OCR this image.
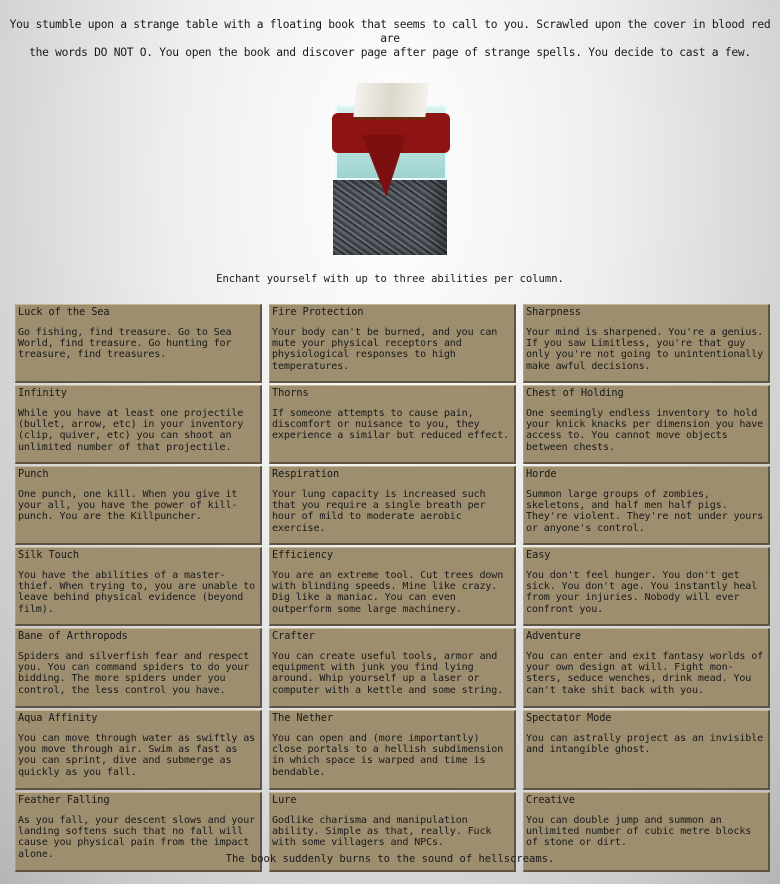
You stumble upon a strange table with a floating book that seems to call to you. Scrawled upon the cover in blood red are
the words DO NOT O. You open the book and discover page after page of strange spells. You decide to cast a few.
Enchant yourself with up to three abilities per column.
Luck of the Sea
Go fishing, find treasure. Go to Sea World, find treasure. Go hunting for treasure, find treasures.
Infinity
While you have at least one projectile (bullet, arrow, etc) in your inventory (clip, quiver, etc) you can shoot an unlimited number of that projectile.
Punch
One punch, one kill. When you give it your all, you have the power of kill-punch. You are the Killpuncher.
Silk Touch
You have the abilities of a master-thief. When trying to, you are unable to leave behind physical evidence (beyond film).
Bane of Arthropods
Spiders and silverfish fear and respect you. You can command spiders to do your bidding. The more spiders under you control, the less control you have.
Aqua Affinity
You can move through water as swiftly as you move through air. Swim as fast as you can sprint, dive and submerge as quickly as you fall.
Feather Falling
As you fall, your descent slows and your landing softens such that no fall will cause you physical pain from the impact alone.
Fire Protection
Your body can't be burned, and you can mute your physical receptors and physiological responses to high temperatures.
Thorns
If someone attempts to cause pain, discomfort or nuisance to you, they experience a similar but reduced effect.
Respiration
Your lung capacity is increased such that you require a single breath per hour of mild to moderate aerobic exercise.
Efficiency
You are an extreme tool. Cut trees down with blinding speeds. Mine like crazy. Dig like a maniac. You can even outperform some large machinery.
Crafter
You can create useful tools, armor and equipment with junk you find lying around. Whip yourself up a laser or computer with a kettle and some string.
The Nether
You can open and (more importantly) close portals to a hellish subdimension in which space is warped and time is bendable.
Lure
Godlike charisma and manipulation ability. Simple as that, really. Fuck with some villagers and NPCs.
Sharpness
Your mind is sharpened. You're a genius. If you saw Limitless, you're that guy only you're not going to unintentionally make awful decisions.
Chest of Holding
One seemingly endless inventory to hold your knick knacks per dimension you have access to. You cannot move objects between chests.
Horde
Summon large groups of zombies, skeletons, and half men half pigs. They're violent. They're not under yours or anyone's control.
Easy
You don't feel hunger. You don't get sick. You don't age. You instantly heal from your injuries. Nobody will ever confront you.
Adventure
You can enter and exit fantasy worlds of your own design at will. Fight mon-sters, seduce wenches, drink mead. You can't take shit back with you.
Spectator Mode
You can astrally project as an invisible and intangible ghost.
Creative
You can double jump and summon an unlimited number of cubic metre blocks of stone or dirt.
The book suddenly burns to the sound of hellscreams.
